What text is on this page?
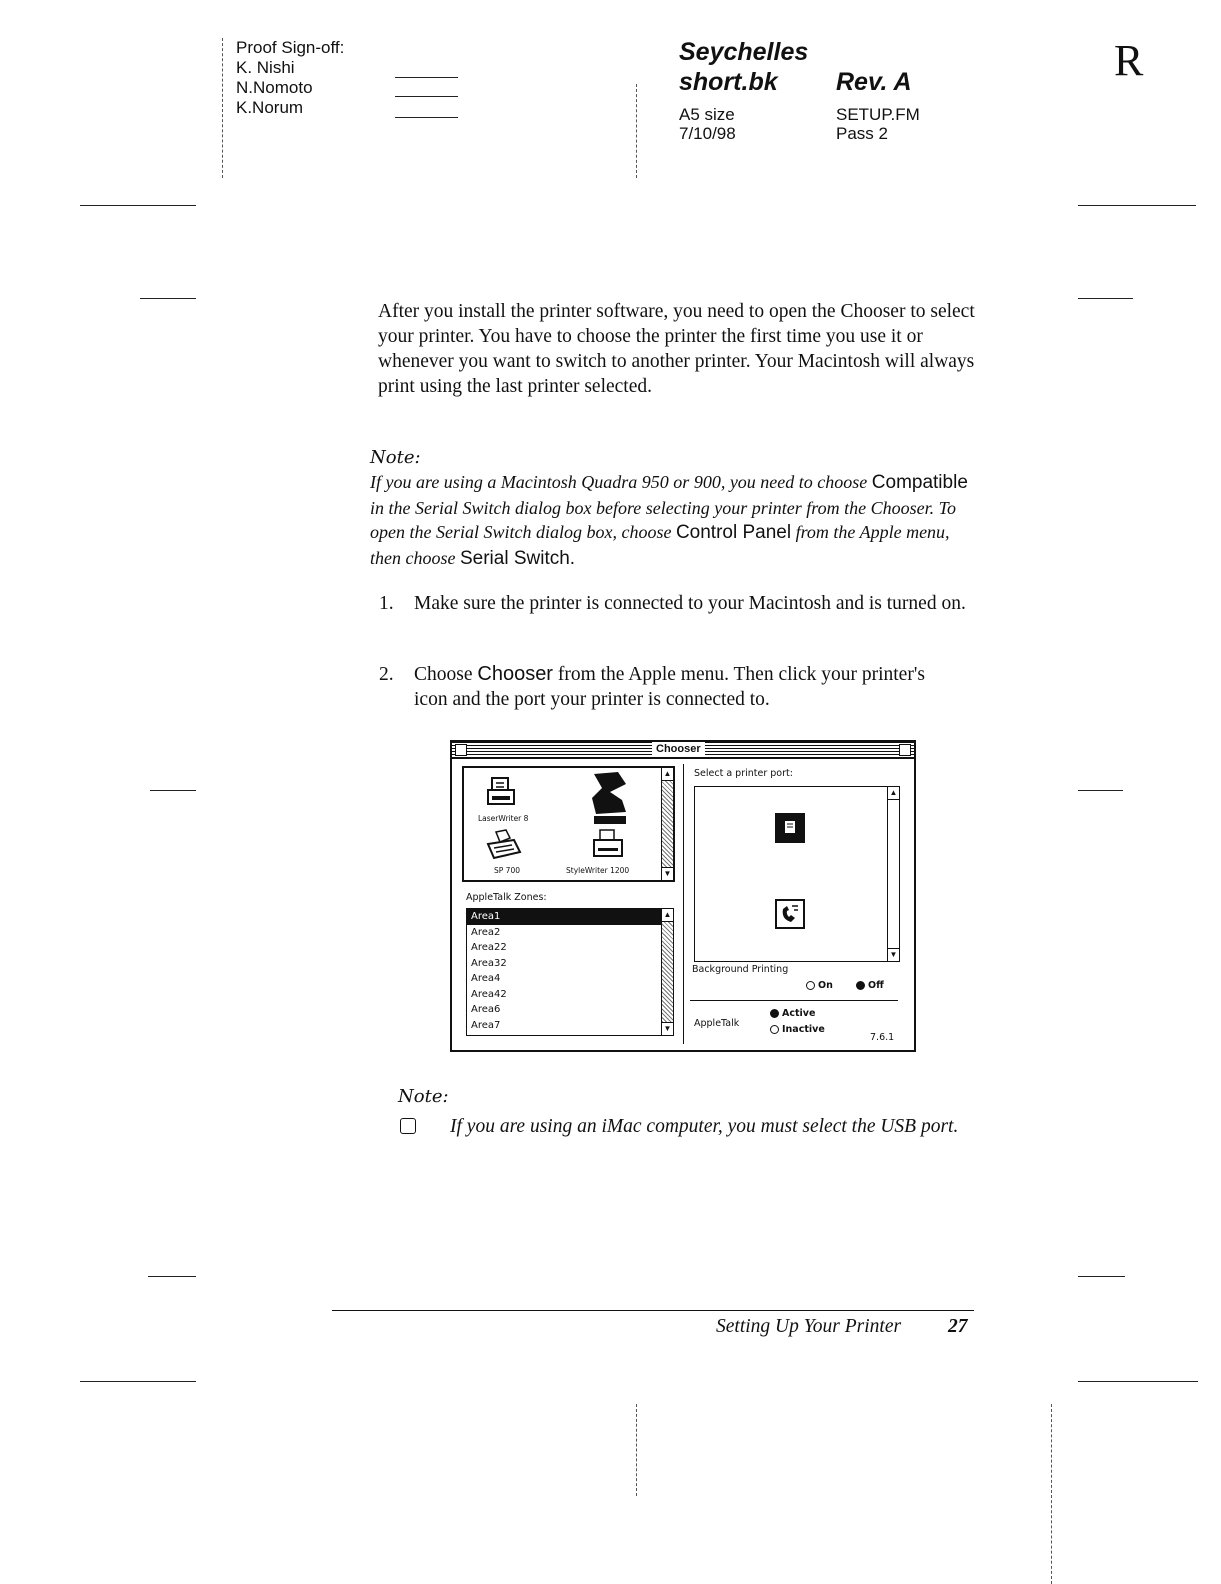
Proof Sign-off:
K. Nishi
N.Nomoto
K.Norum
Seychelles
short.bk Rev. A
A5 size
7/10/98
SETUP.FM
Pass 2
R
After you install the printer software, you need to open the Chooser to select your printer. You have to choose the printer the first time you use it or whenever you want to switch to another printer. Your Macintosh will always print using the last printer selected.
Note:
If you are using a Macintosh Quadra 950 or 900, you need to choose Compatible in the Serial Switch dialog box before selecting your printer from the Chooser. To open the Serial Switch dialog box, choose Control Panel from the Apple menu, then choose Serial Switch.
1. Make sure the printer is connected to your Macintosh and is turned on.
2. Choose Chooser from the Apple menu. Then click your printer's icon and the port your printer is connected to.
Chooser
LaserWriter 8
SP 700	StyleWriter 1200
▲
▼
AppleTalk Zones:
Area1
Area2
Area22
Area32
Area4
Area42
Area6
Area7
▲
▼
Select a printer port:
▲
▼
Background Printing
On	Off
AppleTalk
Active
Inactive
7.6.1
Note:
If you are using an iMac computer, you must select the USB port.
Setting Up Your Printer 27
